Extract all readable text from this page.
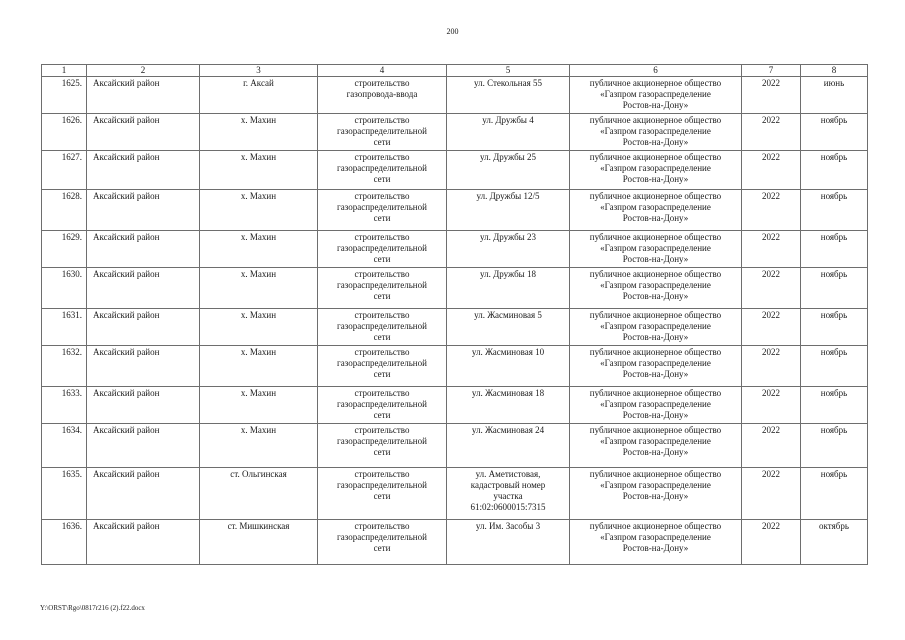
200
1	2	3	4	5	6	7	8
1625.	Аксайский район	г. Аксай	строительство
газопровода-ввода	ул. Стекольная 55	публичное акционерное общество
«Газпром газораспределение
Ростов-на-Дону»	2022	июнь
1626.	Аксайский район	х. Махин	строительство
газораспределительной
сети	ул. Дружбы 4	публичное акционерное общество
«Газпром газораспределение
Ростов-на-Дону»	2022	ноябрь
1627.	Аксайский район	х. Махин	строительство
газораспределительной
сети	ул. Дружбы 25	публичное акционерное общество
«Газпром газораспределение
Ростов-на-Дону»	2022	ноябрь
1628.	Аксайский район	х. Махин	строительство
газораспределительной
сети	ул. Дружбы 12/5	публичное акционерное общество
«Газпром газораспределение
Ростов-на-Дону»	2022	ноябрь
1629.	Аксайский район	х. Махин	строительство
газораспределительной
сети	ул. Дружбы 23	публичное акционерное общество
«Газпром газораспределение
Ростов-на-Дону»	2022	ноябрь
1630.	Аксайский район	х. Махин	строительство
газораспределительной
сети	ул. Дружбы 18	публичное акционерное общество
«Газпром газораспределение
Ростов-на-Дону»	2022	ноябрь
1631.	Аксайский район	х. Махин	строительство
газораспределительной
сети	ул. Жасминовая 5	публичное акционерное общество
«Газпром газораспределение
Ростов-на-Дону»	2022	ноябрь
1632.	Аксайский район	х. Махин	строительство
газораспределительной
сети	ул. Жасминовая 10	публичное акционерное общество
«Газпром газораспределение
Ростов-на-Дону»	2022	ноябрь
1633.	Аксайский район	х. Махин	строительство
газораспределительной
сети	ул. Жасминовая 18	публичное акционерное общество
«Газпром газораспределение
Ростов-на-Дону»	2022	ноябрь
1634.	Аксайский район	х. Махин	строительство
газораспределительной
сети	ул. Жасминовая 24	публичное акционерное общество
«Газпром газораспределение
Ростов-на-Дону»	2022	ноябрь
1635.	Аксайский район	ст. Ольгинская	строительство
газораспределительной
сети	ул. Аметистовая,
кадастровый номер
участка
61:02:0600015:7315	публичное акционерное общество
«Газпром газораспределение
Ростов-на-Дону»	2022	ноябрь
1636.	Аксайский район	ст. Мишкинская	строительство
газораспределительной
сети	ул. Им. Засобы 3	публичное акционерное общество
«Газпром газораспределение
Ростов-на-Дону»	2022	октябрь
Y:\ORST\Rgo\0817r216 (2).f22.docx
